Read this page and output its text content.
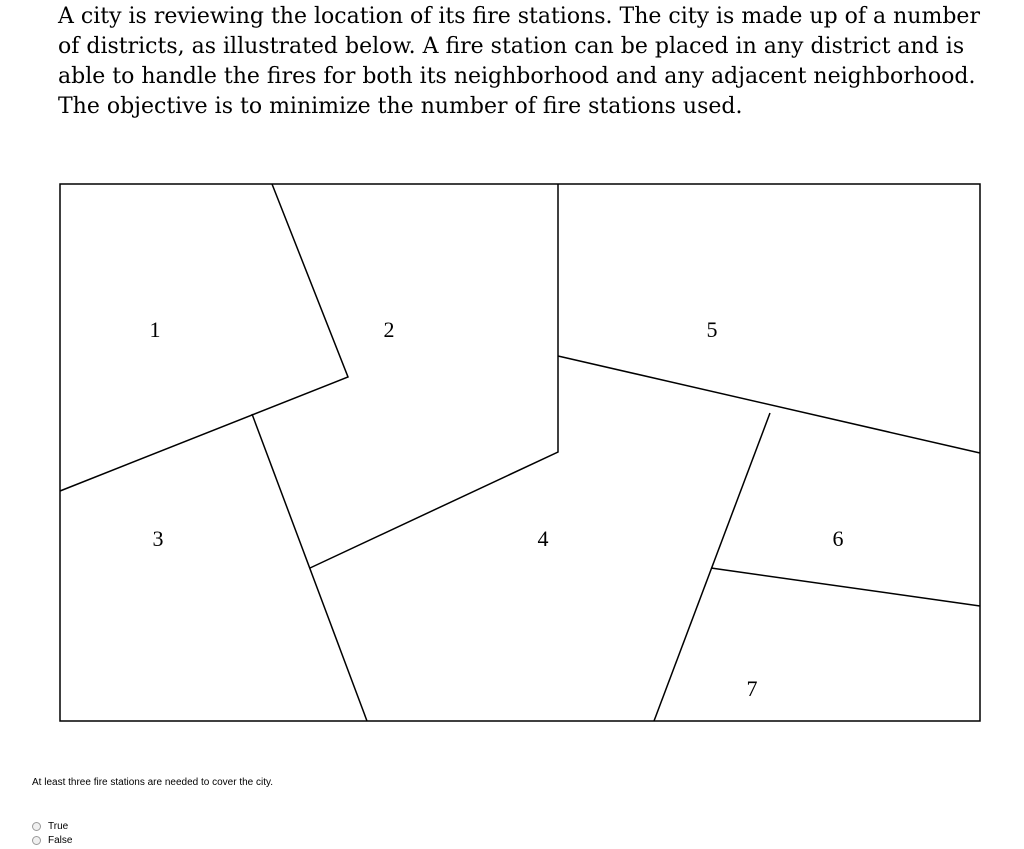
A city is reviewing the location of its fire stations. The city is made up of a number of districts, as illustrated below. A fire station can be placed in any district and is able to handle the fires for both its neighborhood and any adjacent neighborhood. The objective is to minimize the number of fire stations used.

1	2
3	4
5
6
7

At least three fire stations are needed to cover the city.

True
False
